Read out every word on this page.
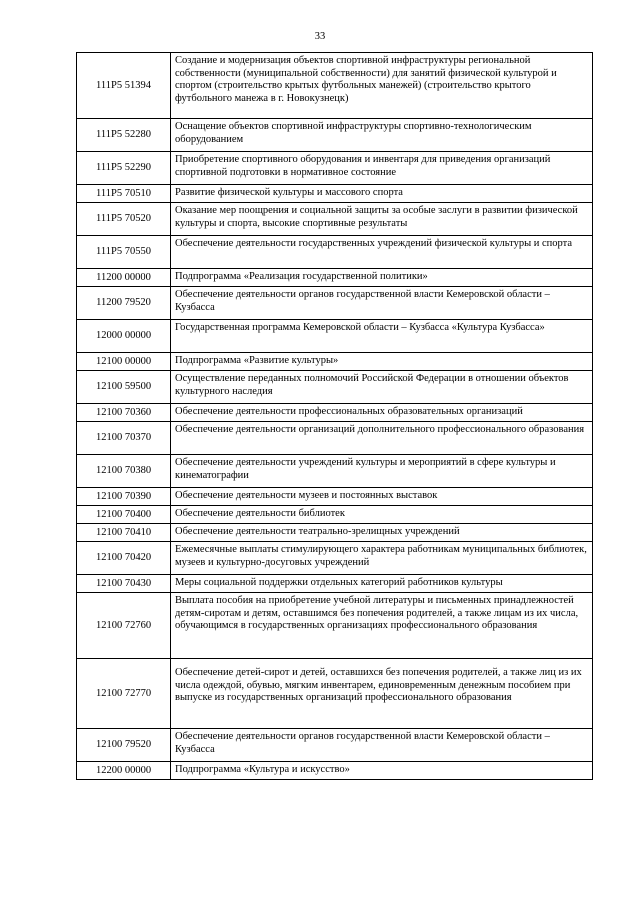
33
111P5 51394	Создание и модернизация объектов спортивной инфраструктуры региональной собственности (муниципальной собственности) для занятий физической культурой и спортом (строительство крытых футбольных манежей) (строительство крытого футбольного манежа в г. Новокузнецк)
111P5 52280	Оснащение объектов спортивной инфраструктуры спортивно-технологическим оборудованием
111P5 52290	Приобретение спортивного оборудования и инвентаря для приведения организаций спортивной подготовки в нормативное состояние
111P5 70510	Развитие физической культуры и массового спорта
111P5 70520	Оказание мер поощрения и социальной защиты за особые заслуги в развитии физической культуры и спорта, высокие спортивные результаты
111P5 70550	Обеспечение деятельности государственных учреждений физической культуры и спорта
11200 00000	Подпрограмма «Реализация государственной политики»
11200 79520	Обеспечение деятельности органов государственной власти Кемеровской области – Кузбасса
12000 00000	Государственная программа Кемеровской области – Кузбасса «Культура Кузбасса»
12100 00000	Подпрограмма «Развитие культуры»
12100 59500	Осуществление переданных полномочий Российской Федерации в отношении объектов культурного наследия
12100 70360	Обеспечение деятельности профессиональных образовательных организаций
12100 70370	Обеспечение деятельности организаций дополнительного профессионального образования
12100 70380	Обеспечение деятельности учреждений культуры и мероприятий в сфере культуры и кинематографии
12100 70390	Обеспечение деятельности музеев и постоянных выставок
12100 70400	Обеспечение деятельности библиотек
12100 70410	Обеспечение деятельности театрально-зрелищных учреждений
12100 70420	Ежемесячные выплаты стимулирующего характера работникам муниципальных библиотек, музеев и культурно-досуговых учреждений
12100 70430	Меры социальной поддержки отдельных категорий работников культуры
12100 72760	Выплата пособия на приобретение учебной литературы и письменных принадлежностей детям-сиротам и детям, оставшимся без попечения родителей, а также лицам из их числа, обучающимся в государственных организациях профессионального образования
12100 72770	Обеспечение детей-сирот и детей, оставшихся без попечения родителей, а также лиц из их числа одеждой, обувью, мягким инвентарем, единовременным денежным пособием при выпуске из государственных организаций профессионального образования
12100 79520	Обеспечение деятельности органов государственной власти Кемеровской области – Кузбасса
12200 00000	Подпрограмма «Культура и искусство»
